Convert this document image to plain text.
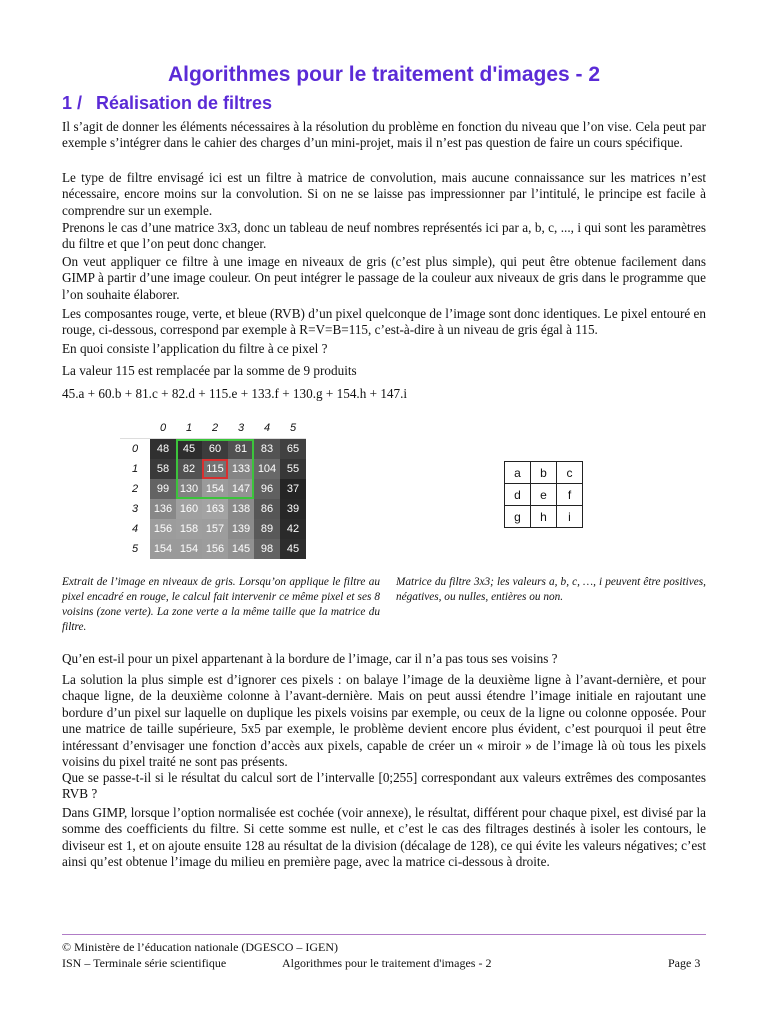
Algorithmes pour le traitement d'images - 2
1 / Réalisation de filtres

Il s’agit de donner les éléments nécessaires à la résolution du problème en fonction du niveau que l’on vise. Cela peut par exemple s’intégrer dans le cahier des charges d’un mini-projet, mais il n’est pas question de faire un cours spécifique.

Le type de filtre envisagé ici est un filtre à matrice de convolution, mais aucune connaissance sur les matrices n’est nécessaire, encore moins sur la convolution. Si on ne se laisse pas impressionner par l’intitulé, le principe est facile à comprendre sur un exemple.

Prenons le cas d’une matrice 3x3, donc un tableau de neuf nombres représentés ici par a, b, c, ..., i qui sont les paramètres du filtre et que l’on peut donc changer.

On veut appliquer ce filtre à une image en niveaux de gris (c’est plus simple), qui peut être obtenue facilement dans GIMP à partir d’une image couleur. On peut intégrer le passage de la couleur aux niveaux de gris dans le programme que l’on souhaite élaborer.

Les composantes rouge, verte, et bleue (RVB) d’un pixel quelconque de l’image sont donc identiques. Le pixel entouré en rouge, ci-dessous, correspond par exemple à R=V=B=115, c’est-à-dire à un niveau de gris égal à 115.

En quoi consiste l’application du filtre à ce pixel ?

La valeur 115 est remplacée par la somme de 9 produits

45.a + 60.b + 81.c + 82.d + 115.e + 133.f + 130.g + 154.h + 147.i

	0	1	2	3	4	5
0	48	45	60	81	83	65
1	58	82	115	133	104	55
2	99	130	154	147	96	37
3	136	160	163	138	86	39
4	156	158	157	139	89	42
5	154	154	156	145	98	45
a	b	c
d	e	f
g	h	i

Extrait de l’image en niveaux de gris. Lorsqu’on applique le filtre au pixel encadré en rouge, le calcul fait intervenir ce même pixel et ses 8 voisins (zone verte). La zone verte a la même taille que la matrice du filtre.

Matrice du filtre 3x3; les valeurs a, b, c, …, i peuvent être positives, négatives, ou nulles, entières ou non.

Qu’en est-il pour un pixel appartenant à la bordure de l’image, car il n’a pas tous ses voisins ?

La solution la plus simple est d’ignorer ces pixels : on balaye l’image de la deuxième ligne à l’avant-dernière, et pour chaque ligne, de la deuxième colonne à l’avant-dernière. Mais on peut aussi étendre l’image initiale en rajoutant une bordure d’un pixel sur laquelle on duplique les pixels voisins par exemple, ou ceux de la ligne ou colonne opposée. Pour une matrice de taille supérieure, 5x5 par exemple, le problème devient encore plus évident, c’est pourquoi il peut être intéressant d’envisager une fonction d’accès aux pixels, capable de créer un « miroir » de l’image là où tous les pixels voisins du pixel traité ne sont pas présents.

Que se passe-t-il si le résultat du calcul sort de l’intervalle [0;255] correspondant aux valeurs extrêmes des composantes RVB ?

Dans GIMP, lorsque l’option normalisée est cochée (voir annexe), le résultat, différent pour chaque pixel, est divisé par la somme des coefficients du filtre. Si cette somme est nulle, et c’est le cas des filtrages destinés à isoler les contours, le diviseur est 1, et on ajoute ensuite 128 au résultat de la division (décalage de 128), ce qui évite les valeurs négatives; c’est ainsi qu’est obtenue l’image du milieu en première page, avec la matrice ci-dessous à droite.

© Ministère de l’éducation nationale (DGESCO – IGEN)

ISN – Terminale série scientifique	Algorithmes pour le traitement d'images - 2	Page 3
